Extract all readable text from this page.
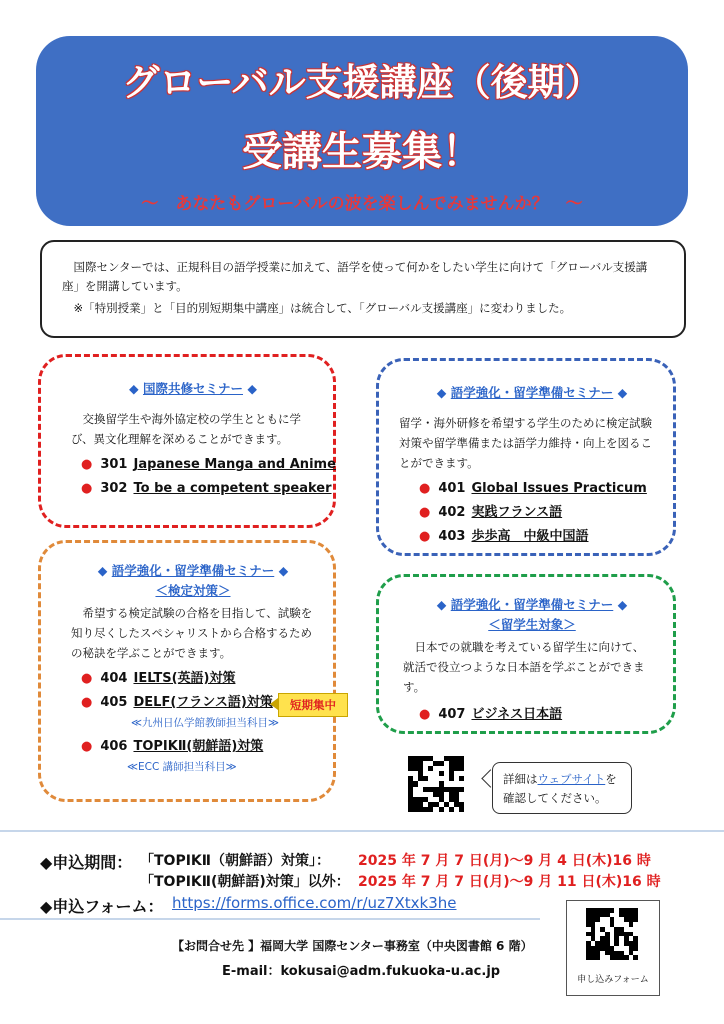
グローバル支援講座（後期）
受講生募集！
～　あなたもグローバルの波を楽しんでみませんか？　～

国際センターでは、正規科目の語学授業に加えて、語学を使って何かをしたい学生に向けて「グローバル支援講座」を開講しています。

※「特別授業」と「目的別短期集中講座」は統合して、「グローバル支援講座」に変わりました。

◆ 国際共修セミナー ◆
交換留学生や海外協定校の学生とともに学び、異文化理解を深めることができます。
● 301 Japanese Manga and Anime
● 302 To be a competent speaker
◆ 語学強化・留学準備セミナー ◆
留学・海外研修を希望する学生のために検定試験対策や留学準備または語学力維持・向上を図ることができます。
● 401 Global Issues Practicum
● 402 実践フランス語
● 403 歩歩高　中級中国語
◆ 語学強化・留学準備セミナー ◆
＜検定対策＞
希望する検定試験の合格を目指して、試験を知り尽くしたスペシャリストから合格するための秘訣を学ぶことができます。
● 404 IELTS(英語)対策
● 405 DELF(フランス語)対策
≪九州日仏学館教師担当科目≫
● 406 TOPIKⅡ(朝鮮語)対策
≪ECC 講師担当科目≫
短期集中
◆ 語学強化・留学準備セミナー ◆
＜留学生対象＞
日本での就職を考えている留学生に向けて、就活で役立つような日本語を学ぶことができます。
● 407 ビジネス日本語
詳細はウェブサイトを確認してください。
◆申込期間： 「TOPIKⅡ（朝鮮語）対策」： 2025 年 7 月 7 日(月)～9 月 4 日(木)16 時
「TOPIKⅡ(朝鮮語)対策」以外： 2025 年 7 月 7 日(月)～9 月 11 日(木)16 時
◆申込フォーム： https://forms.office.com/r/uz7Xtxk3he
【お問合せ先 】福岡大学 国際センター事務室（中央図書館 6 階）
E-mail：kokusai@adm.fukuoka-u.ac.jp
申し込みフォーム
